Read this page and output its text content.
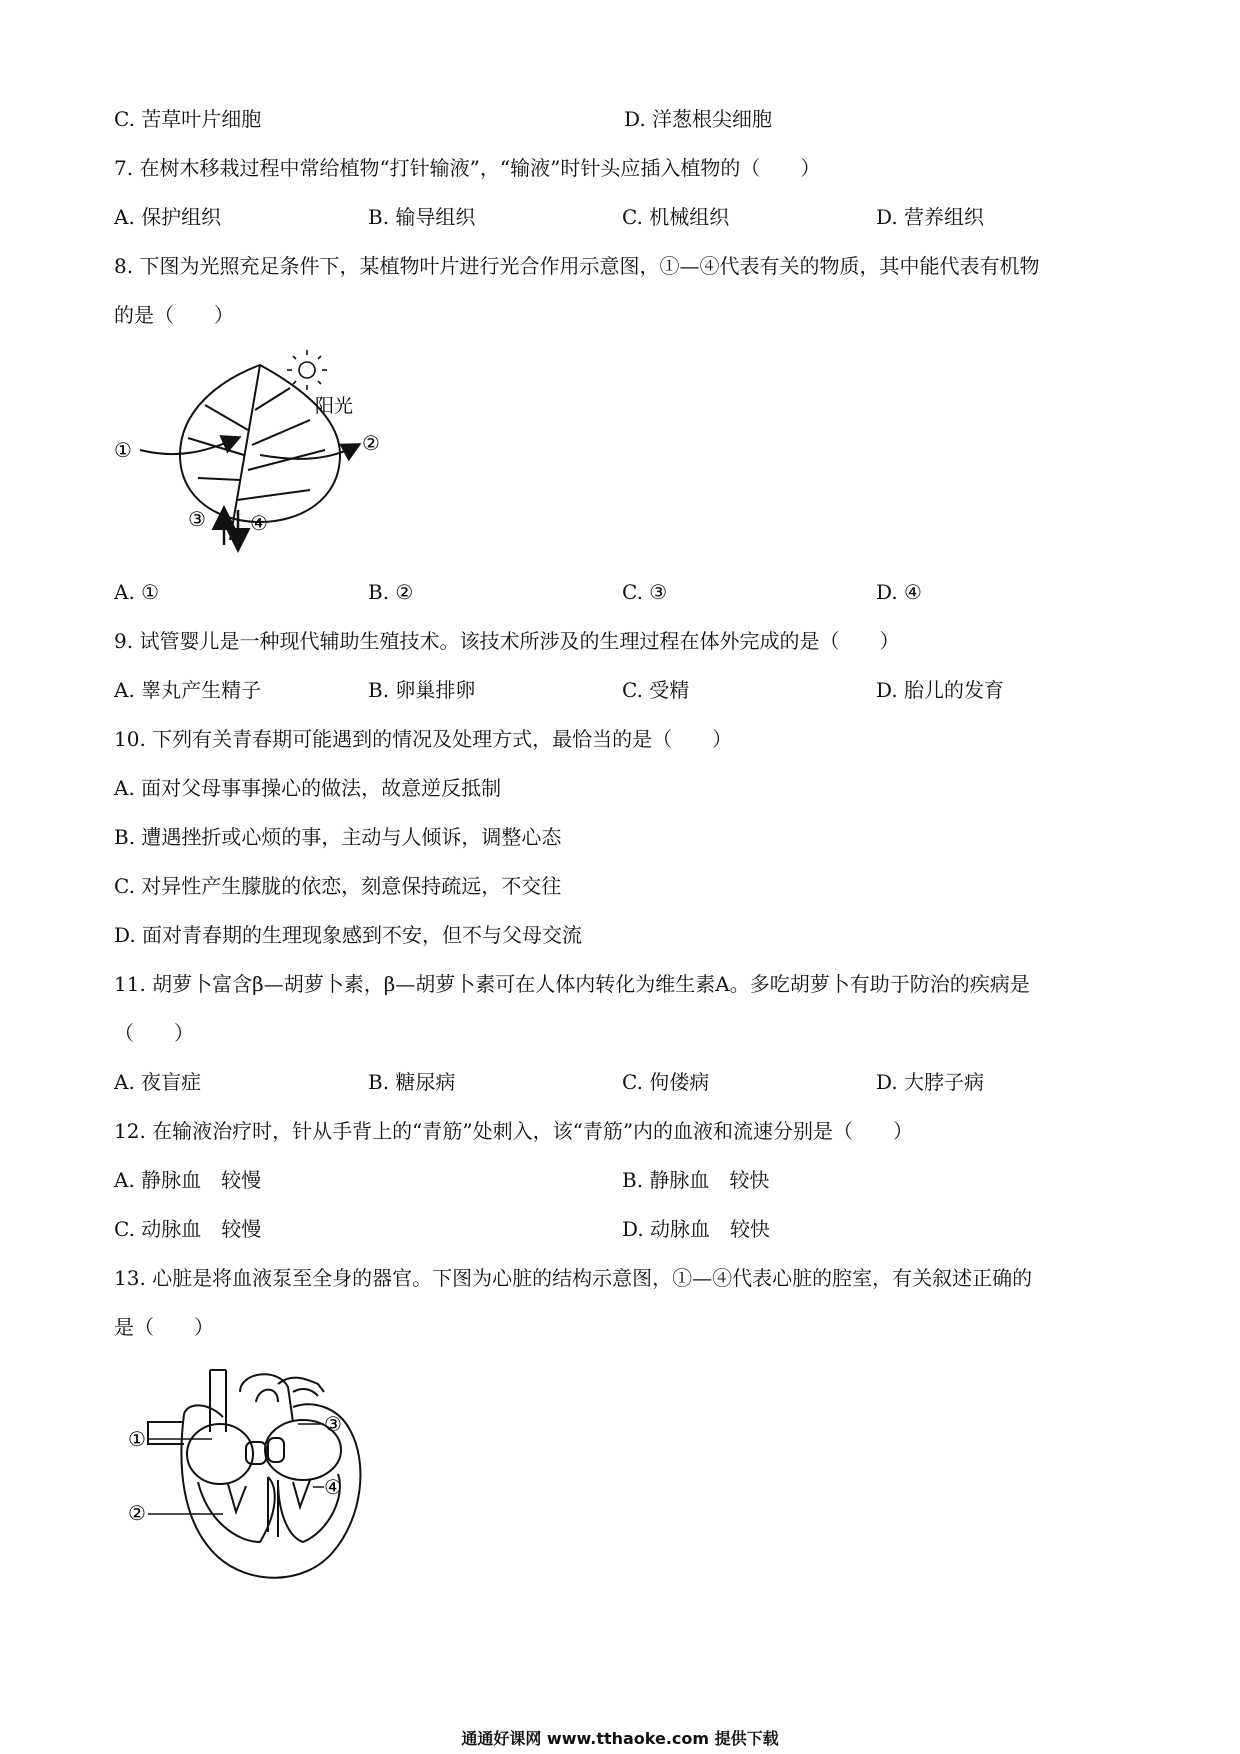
C. 苦草叶片细胞	D. 洋葱根尖细胞
7. 在树木移栽过程中常给植物“打针输液”，“输液”时针头应插入植物的（　　）
A. 保护组织	B. 输导组织	C. 机械组织	D. 营养组织
8. 下图为光照充足条件下，某植物叶片进行光合作用示意图，①—④代表有关的物质，其中能代表有机物
的是（　　）
阳光
①	②
③ ④
A. ①	B. ②	C. ③	D. ④
9. 试管婴儿是一种现代辅助生殖技术。该技术所涉及的生理过程在体外完成的是（　　）
A. 睾丸产生精子	B. 卵巢排卵	C. 受精	D. 胎儿的发育
10. 下列有关青春期可能遇到的情况及处理方式，最恰当的是（　　）
A. 面对父母事事操心的做法，故意逆反抵制
B. 遭遇挫折或心烦的事，主动与人倾诉，调整心态
C. 对异性产生朦胧的依恋，刻意保持疏远，不交往
D. 面对青春期的生理现象感到不安，但不与父母交流
11. 胡萝卜富含β—胡萝卜素，β—胡萝卜素可在人体内转化为维生素A。多吃胡萝卜有助于防治的疾病是
（　　）
A. 夜盲症	B. 糖尿病	C. 佝偻病	D. 大脖子病
12. 在输液治疗时，针从手背上的“青筋”处刺入，该“青筋”内的血液和流速分别是（　　）
A. 静脉血　较慢	B. 静脉血　较快
C. 动脉血　较慢	D. 动脉血　较快
13. 心脏是将血液泵至全身的器官。下图为心脏的结构示意图，①—④代表心脏的腔室，有关叙述正确的
是（　　）
①
②
③
④
通通好课网 www.tthaoke.com 提供下载
